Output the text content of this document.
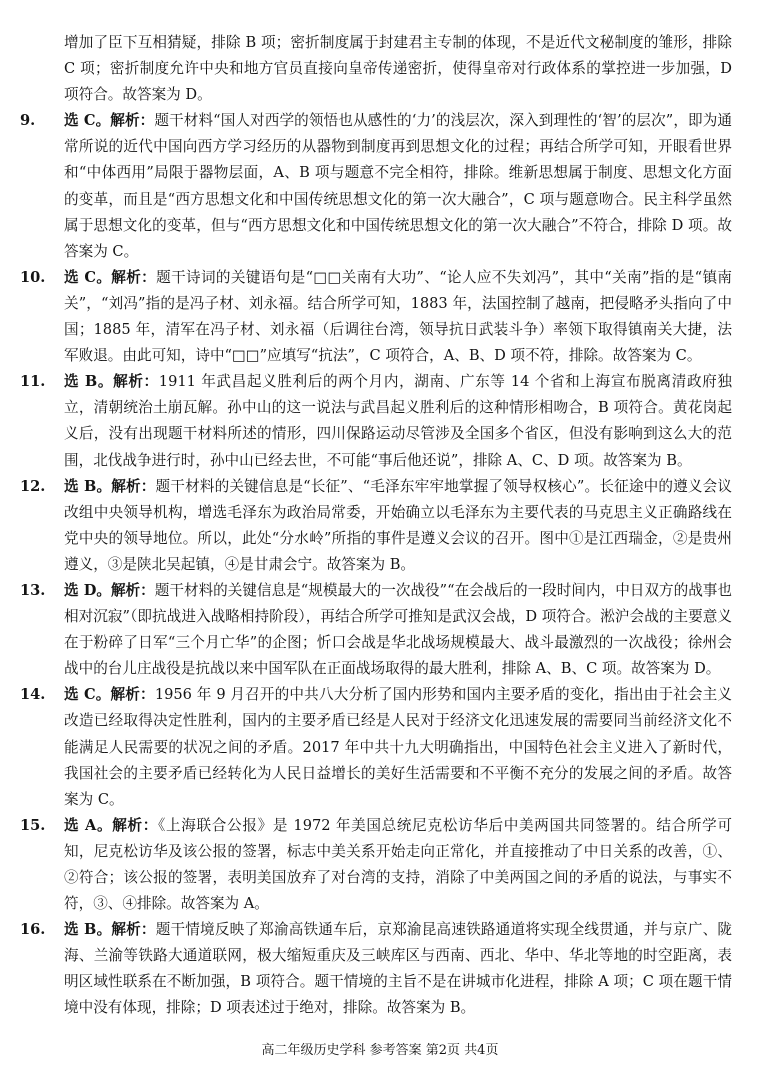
增加了臣下互相猜疑，排除 B 项；密折制度属于封建君主专制的体现，不是近代文秘制度的雏形，排除 C 项；密折制度允许中央和地方官员直接向皇帝传递密折，使得皇帝对行政体系的掌控进一步加强，D 项符合。故答案为 D。

9. 选 C。解析：题干材料“国人对西学的领悟也从感性的‘力’的浅层次，深入到理性的‘智’的层次”，即为通常所说的近代中国向西方学习经历的从器物到制度再到思想文化的过程；再结合所学可知，开眼看世界和“中体西用”局限于器物层面，A、B 项与题意不完全相符，排除。维新思想属于制度、思想文化方面的变革，而且是“西方思想文化和中国传统思想文化的第一次大融合”，C 项与题意吻合。民主科学虽然属于思想文化的变革，但与“西方思想文化和中国传统思想文化的第一次大融合”不符合，排除 D 项。故答案为 C。
10. 选 C。解析：题干诗词的关键语句是“□□关南有大功”、“论人应不失刘冯”，其中“关南”指的是“镇南关”，“刘冯”指的是冯子材、刘永福。结合所学可知，1883 年，法国控制了越南，把侵略矛头指向了中国；1885 年，清军在冯子材、刘永福（后调往台湾，领导抗日武装斗争）率领下取得镇南关大捷，法军败退。由此可知，诗中“□□”应填写“抗法”，C 项符合，A、B、D 项不符，排除。故答案为 C。
11. 选 B。解析：1911 年武昌起义胜利后的两个月内，湖南、广东等 14 个省和上海宣布脱离清政府独立，清朝统治土崩瓦解。孙中山的这一说法与武昌起义胜利后的这种情形相吻合，B 项符合。黄花岗起义后，没有出现题干材料所述的情形，四川保路运动尽管涉及全国多个省区，但没有影响到这么大的范围，北伐战争进行时，孙中山已经去世，不可能“事后他还说”，排除 A、C、D 项。故答案为 B。
12. 选 B。解析：题干材料的关键信息是“长征”、“毛泽东牢牢地掌握了领导权核心”。长征途中的遵义会议改组中央领导机构，增选毛泽东为政治局常委，开始确立以毛泽东为主要代表的马克思主义正确路线在党中央的领导地位。所以，此处“分水岭”所指的事件是遵义会议的召开。图中①是江西瑞金，②是贵州遵义，③是陕北吴起镇，④是甘肃会宁。故答案为 B。
13. 选 D。解析：题干材料的关键信息是“规模最大的一次战役”“在会战后的一段时间内，中日双方的战事也相对沉寂”（即抗战进入战略相持阶段），再结合所学可推知是武汉会战，D 项符合。淞沪会战的主要意义在于粉碎了日军“三个月亡华”的企图；忻口会战是华北战场规模最大、战斗最激烈的一次战役；徐州会战中的台儿庄战役是抗战以来中国军队在正面战场取得的最大胜利，排除 A、B、C 项。故答案为 D。
14. 选 C。解析：1956 年 9 月召开的中共八大分析了国内形势和国内主要矛盾的变化，指出由于社会主义改造已经取得决定性胜利，国内的主要矛盾已经是人民对于经济文化迅速发展的需要同当前经济文化不能满足人民需要的状况之间的矛盾。2017 年中共十九大明确指出，中国特色社会主义进入了新时代，我国社会的主要矛盾已经转化为人民日益增长的美好生活需要和不平衡不充分的发展之间的矛盾。故答案为 C。
15. 选 A。解析：《上海联合公报》是 1972 年美国总统尼克松访华后中美两国共同签署的。结合所学可知，尼克松访华及该公报的签署，标志中美关系开始走向正常化，并直接推动了中日关系的改善，①、②符合；该公报的签署，表明美国放弃了对台湾的支持，消除了中美两国之间的矛盾的说法，与事实不符，③、④排除。故答案为 A。
16. 选 B。解析：题干情境反映了郑渝高铁通车后，京郑渝昆高速铁路通道将实现全线贯通，并与京广、陇海、兰渝等铁路大通道联网，极大缩短重庆及三峡库区与西南、西北、华中、华北等地的时空距离，表明区域性联系在不断加强，B 项符合。题干情境的主旨不是在讲城市化进程，排除 A 项；C 项在题干情境中没有体现，排除；D 项表述过于绝对，排除。故答案为 B。
高二年级历史学科 参考答案 第2页 共4页
